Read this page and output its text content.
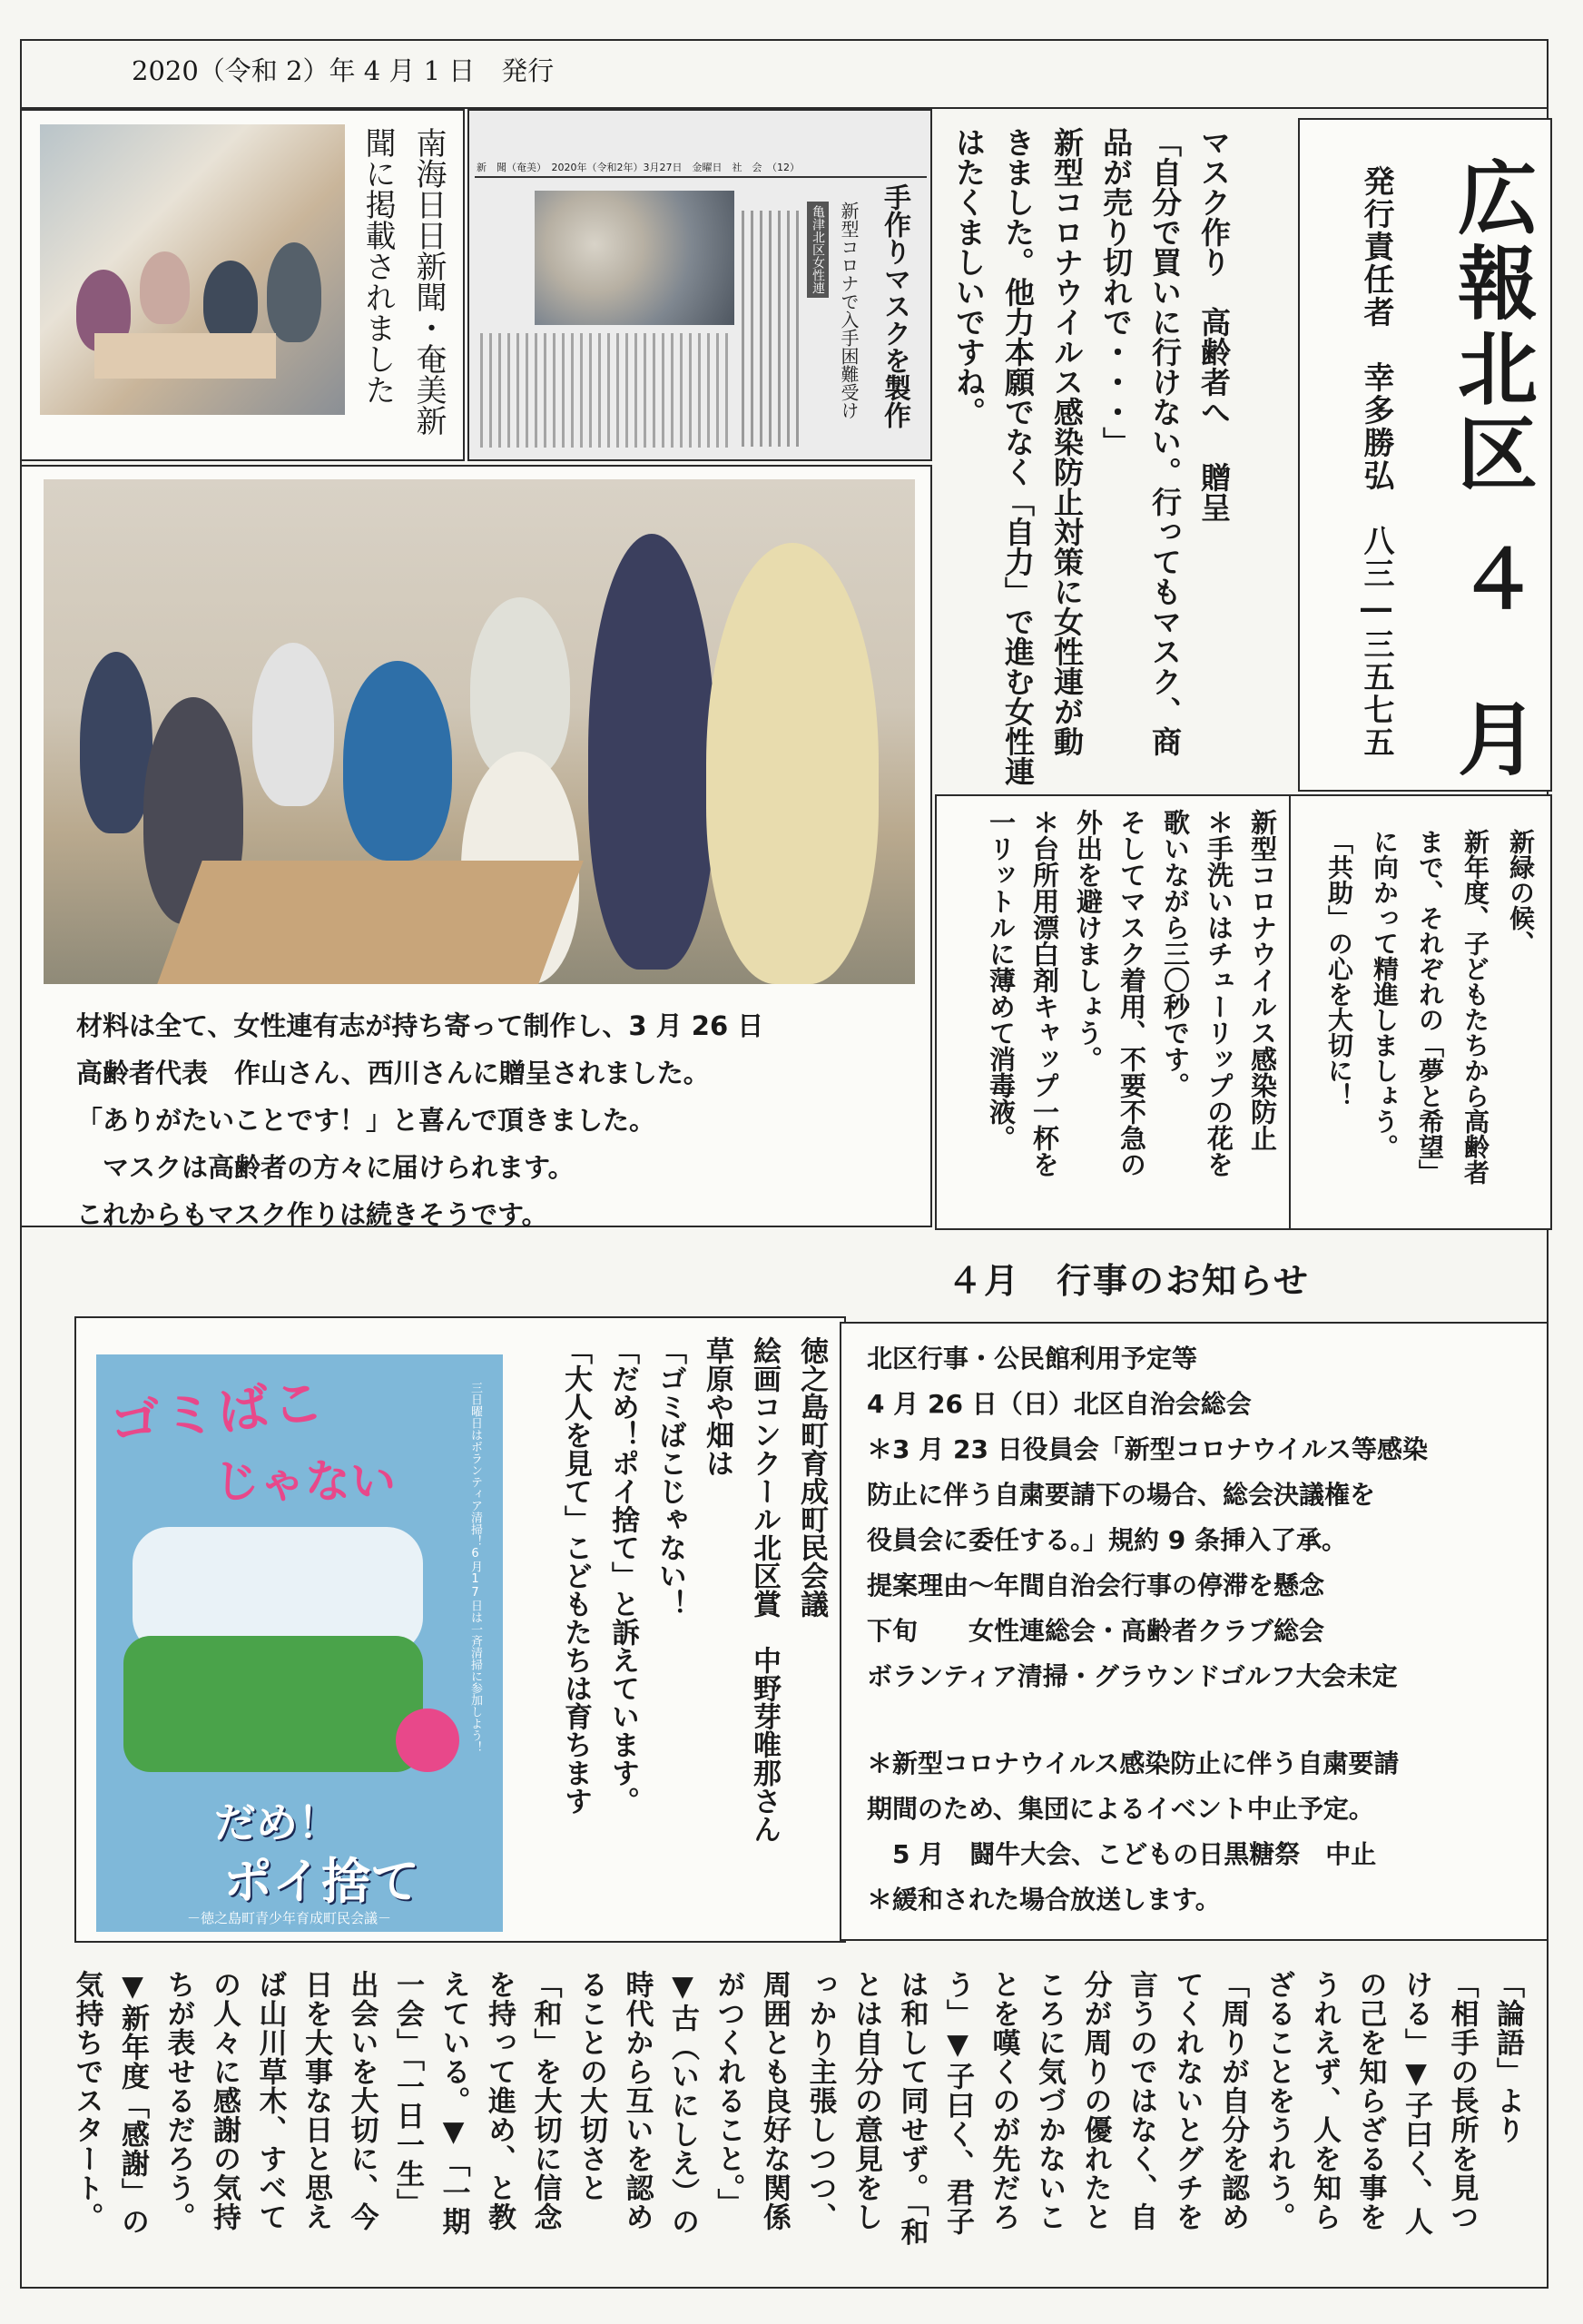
2020（令和 2）年 4 月 1 日　発行
南海日日新聞・奄美新
聞に掲載されました	新　聞（奄美）　2020年（令和2年）3月27日　金曜日　社　会　（12）
手作りマスクを製作
新型コロナで入手困難受け
亀津北区女性連	マスク作り　高齢者へ 贈呈
「自分で買いに行けない。行ってもマスク、商
品が売り切れで・・・」
新型コロナウイルス感染防止対策に女性連が動
きました。他力本願でなく「自力」で進む女性連
はたくましいですね。	広報北区
４　月
発行責任者　幸多勝弘　八三―三五七五
材料は全て、女性連有志が持ち寄って制作し、3 月 26 日
高齢者代表　作山さん、西川さんに贈呈されました。
「ありがたいことです！」と喜んで頂きました。
　マスクは高齢者の方々に届けられます。
これからもマスク作りは続きそうです。
新型コロナウイルス感染防止
＊手洗いはチューリップの花を
歌いながら三〇秒です。
そしてマスク着用、不要不急の
外出を避けましょう。
＊台所用漂白剤キャップ一杯を
一リットルに薄めて消毒液。	新緑の候、
新年度、子どもたちから高齢者
まで、それぞれの「夢と希望」
に向かって精進しましょう。
「共助」の心を大切に！
４月　行事のお知らせ
ゴミばこ
じゃない	三日曜日はボランティア清掃！6月17日は一斉清掃に参加しよう！
だめ！
ポイ捨て
－徳之島町青少年育成町民会議－
徳之島町育成町民会議
絵画コンクール北区賞　中野芽唯那さん
草原や畑は
「ゴミばこじゃない！
「だめ！ポイ捨て」と訴えています。
「大人を見て」こどもたちは育ちます	北区行事・公民館利用予定等
4 月 26 日（日）北区自治会総会
＊3 月 23 日役員会「新型コロナウイルス等感染
防止に伴う自粛要請下の場合、総会決議権を
役員会に委任する。」規約 9 条挿入了承。
提案理由～年間自治会行事の停滞を懸念
下旬　　女性連総会・高齢者クラブ総会
ボランティア清掃・グラウンドゴルフ大会未定
＊新型コロナウイルス感染防止に伴う自粛要請
期間のため、集団によるイベント中止予定。
　5 月　闘牛大会、こどもの日黒糖祭　中止
＊緩和された場合放送します。
「論語」より
「相手の長所を見つ
ける」▼子曰く、人
の己を知らざる事を
うれえず、人を知ら
ざることをうれう。
「周りが自分を認め
てくれないとグチを
言うのではなく、自
分が周りの優れたと
ころに気づかないこ
とを嘆くのが先だろ
う」▼子曰く、君子
は和して同せず。「和
とは自分の意見をし
っかり主張しつつ、
周囲とも良好な関係
がつくれること。」
▼古（いにしえ）の
時代から互いを認め
ることの大切さと
「和」を大切に信念
を持って進め、と教
えている。▼「一期
一会」「一日一生」
出会いを大切に、今
日を大事な日と思え
ば山川草木、すべて
の人々に感謝の気持
ちが表せるだろう。
▼新年度「感謝」の
気持ちでスタート。
